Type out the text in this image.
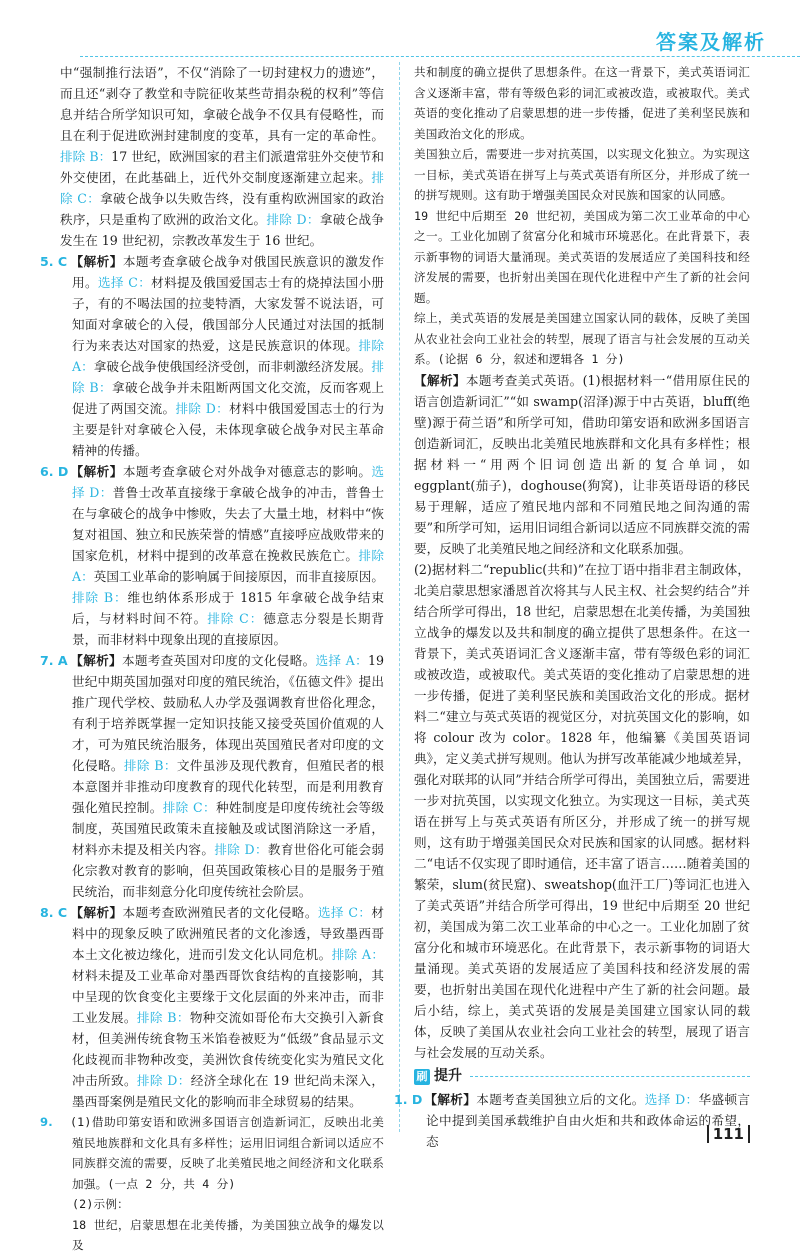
答案及解析

中“强制推行法语”，不仅“消除了一切封建权力的遗迹”，而且还“剥夺了教堂和寺院征收某些苛捐杂税的权利”等信息并结合所学知识可知，拿破仑战争不仅具有侵略性，而且在利于促进欧洲封建制度的变革，具有一定的革命性。排除 B：17 世纪，欧洲国家的君主们派遣常驻外交使节和外交使团，在此基础上，近代外交制度逐渐建立起来。排除 C：拿破仑战争以失败告终，没有重构欧洲国家的政治秩序，只是重构了欧洲的政治文化。排除 D：拿破仑战争发生在 19 世纪初，宗教改革发生于 16 世纪。

5. C 【解析】本题考查拿破仑战争对俄国民族意识的激发作用。选择 C：材料提及俄国爱国志士有的烧掉法国小册子，有的不喝法国的拉斐特酒，大家发誓不说法语，可知面对拿破仑的入侵，俄国部分人民通过对法国的抵制行为来表达对国家的热爱，这是民族意识的体现。排除 A：拿破仑战争使俄国经济受创，而非刺激经济发展。排除 B：拿破仑战争并未阻断两国文化交流，反而客观上促进了两国交流。排除 D：材料中俄国爱国志士的行为主要是针对拿破仑入侵，未体现拿破仑战争对民主革命精神的传播。

6. D 【解析】本题考查拿破仑对外战争对德意志的影响。选择 D：普鲁士改革直接缘于拿破仑战争的冲击，普鲁士在与拿破仑的战争中惨败，失去了大量土地，材料中“恢复对祖国、独立和民族荣誉的情感”直接呼应战败带来的国家危机，材料中提到的改革意在挽救民族危亡。排除 A：英国工业革命的影响属于间接原因，而非直接原因。排除 B：维也纳体系形成于 1815 年拿破仑战争结束后，与材料时间不符。排除 C：德意志分裂是长期背景，而非材料中现象出现的直接原因。

7. A 【解析】本题考查英国对印度的文化侵略。选择 A：19 世纪中期英国加强对印度的殖民统治，《伍德文件》提出推广现代学校、鼓励私人办学及强调教育世俗化理念，有利于培养既掌握一定知识技能又接受英国价值观的人才，可为殖民统治服务，体现出英国殖民者对印度的文化侵略。排除 B：文件虽涉及现代教育，但殖民者的根本意图并非推动印度教育的现代化转型，而是利用教育强化殖民控制。排除 C：种姓制度是印度传统社会等级制度，英国殖民政策未直接触及或试图消除这一矛盾，材料亦未提及相关内容。排除 D：教育世俗化可能会弱化宗教对教育的影响，但英国政策核心目的是服务于殖民统治，而非刻意分化印度传统社会阶层。

8. C 【解析】本题考查欧洲殖民者的文化侵略。选择 C：材料中的现象反映了欧洲殖民者的文化渗透，导致墨西哥本土文化被边缘化，进而引发文化认同危机。排除 A：材料未提及工业革命对墨西哥饮食结构的直接影响，其中呈现的饮食变化主要缘于文化层面的外来冲击，而非工业发展。排除 B：物种交流如哥伦布大交换引入新食材，但美洲传统食物玉米馅卷被贬为“低级”食品显示文化歧视而非物种改变，美洲饮食传统变化实为殖民文化冲击所致。排除 D：经济全球化在 19 世纪尚未深入，墨西哥案例是殖民文化的影响而非全球贸易的结果。

9. (1)借助印第安语和欧洲多国语言创造新词汇，反映出北美殖民地族群和文化具有多样性；运用旧词组合新词以适应不同族群交流的需要，反映了北美殖民地之间经济和文化联系加强。(一点 2 分，共 4 分)

(2)示例：

18 世纪，启蒙思想在北美传播，为美国独立战争的爆发以及

共和制度的确立提供了思想条件。在这一背景下，美式英语词汇含义逐渐丰富，带有等级色彩的词汇或被改造，或被取代。美式英语的变化推动了启蒙思想的进一步传播，促进了美利坚民族和美国政治文化的形成。

美国独立后，需要进一步对抗英国，以实现文化独立。为实现这一目标，美式英语在拼写上与英式英语有所区分，并形成了统一的拼写规则。这有助于增强美国民众对民族和国家的认同感。

19 世纪中后期至 20 世纪初，美国成为第二次工业革命的中心之一。工业化加剧了贫富分化和城市环境恶化。在此背景下，表示新事物的词语大量涌现。美式英语的发展适应了美国科技和经济发展的需要，也折射出美国在现代化进程中产生了新的社会问题。

综上，美式英语的发展是美国建立国家认同的载体，反映了美国从农业社会向工业社会的转型，展现了语言与社会发展的互动关系。(论据 6 分，叙述和逻辑各 1 分)

【解析】本题考查美式英语。(1)根据材料一“借用原住民的语言创造新词汇”“如 swamp(沼泽)源于中古英语，bluff(绝壁)源于荷兰语”和所学可知，借助印第安语和欧洲多国语言创造新词汇，反映出北美殖民地族群和文化具有多样性；根据材料一“用两个旧词创造出新的复合单词，如 eggplant(茄子)，doghouse(狗窝)，让非英语母语的移民易于理解，适应了殖民地内部和不同殖民地之间沟通的需要”和所学可知，运用旧词组合新词以适应不同族群交流的需要，反映了北美殖民地之间经济和文化联系加强。

(2)据材料二“republic(共和)”在拉丁语中指非君主制政体，北美启蒙思想家潘恩首次将其与人民主权、社会契约结合”并结合所学可得出，18 世纪，启蒙思想在北美传播，为美国独立战争的爆发以及共和制度的确立提供了思想条件。在这一背景下，美式英语词汇含义逐渐丰富，带有等级色彩的词汇或被改造，或被取代。美式英语的变化推动了启蒙思想的进一步传播，促进了美利坚民族和美国政治文化的形成。据材料二“建立与英式英语的视觉区分，对抗英国文化的影响，如将 colour 改为 color。1828 年，他编纂《美国英语词典》，定义美式拼写规则。他认为拼写改革能减少地域差异，强化对联邦的认同”并结合所学可得出，美国独立后，需要进一步对抗英国，以实现文化独立。为实现这一目标，美式英语在拼写上与英式英语有所区分，并形成了统一的拼写规则，这有助于增强美国民众对民族和国家的认同感。据材料二“电话不仅实现了即时通信，还丰富了语言……随着美国的繁荣，slum(贫民窟)、sweatshop(血汗工厂)等词汇也进入了美式英语”并结合所学可得出，19 世纪中后期至 20 世纪初，美国成为第二次工业革命的中心之一。工业化加剧了贫富分化和城市环境恶化。在此背景下，表示新事物的词语大量涌现。美式英语的发展适应了美国科技和经济发展的需要，也折射出美国在现代化进程中产生了新的社会问题。最后小结，综上，美式英语的发展是美国建立国家认同的载体，反映了美国从农业社会向工业社会的转型，展现了语言与社会发展的互动关系。

刷 提升

1. D 【解析】本题考查美国独立后的文化。选择 D：华盛顿言论中提到美国承载维护自由火炬和共和政体命运的希望，态	111
